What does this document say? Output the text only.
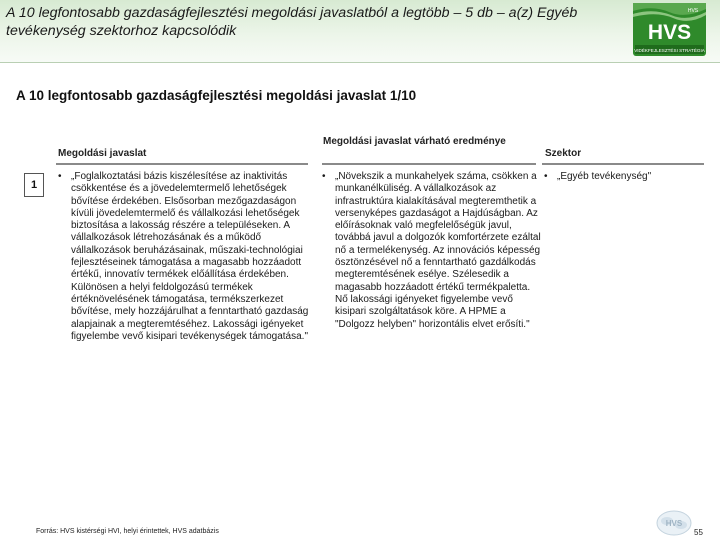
A 10 legfontosabb gazdaságfejlesztési megoldási javaslatból a legtöbb – 5 db – a(z) Egyéb tevékenység szektorhoz kapcsolódik
HVS
HVS
VIDÉKFEJLESZTÉSI STRATÉGIA
A 10 legfontosabb gazdaságfejlesztési megoldási javaslat 1/10
Megoldási javaslat
Megoldási javaslat várható eredménye
Szektor
1
• „Foglalkoztatási bázis kiszélesítése az inaktivitás csökkentése és a jövedelemtermelő lehetőségek bővítése érdekében. Elsősorban mezőgazdaságon kívüli jövedelemtermelő és vállalkozási lehetőségek biztosítása a lakosság részére a településeken. A vállalkozások létrehozásának és a működő vállalkozások beruházásainak, műszaki-technológiai fejlesztéseinek támogatása a magasabb hozzáadott értékű, innovatív termékek előállítása érdekében. Különösen a helyi feldolgozású termékek értéknövelésének támogatása, termékszerkezet bővítése, mely hozzájárulhat a fenntartható gazdaság alapjainak a megteremtéséhez. Lakossági igényeket figyelembe vevő kisipari tevékenységek támogatása."
• „Növekszik a munkahelyek száma, csökken a munkanélküliség. A vállalkozások az infrastruktúra kialakításával megteremthetik a versenyképes gazdaságot a Hajdúságban. Az előírásoknak való megfelelőségük javul, továbbá javul a dolgozók komfortérzete ezáltal nő a termelékenység. Az innovációs képesség ösztönzésével nő a fenntartható gazdálkodás megteremtésének esélye. Szélesedik a magasabb hozzáadott értékű termékpaletta. Nő lakossági igényeket figyelembe vevő kisipari szolgáltatások köre. A HPME a "Dolgozz helyben" horizontális elvet erősíti."
• „Egyéb tevékenység"
Forrás: HVS kistérségi HVI, helyi érintettek, HVS adatbázis
HVS
55
